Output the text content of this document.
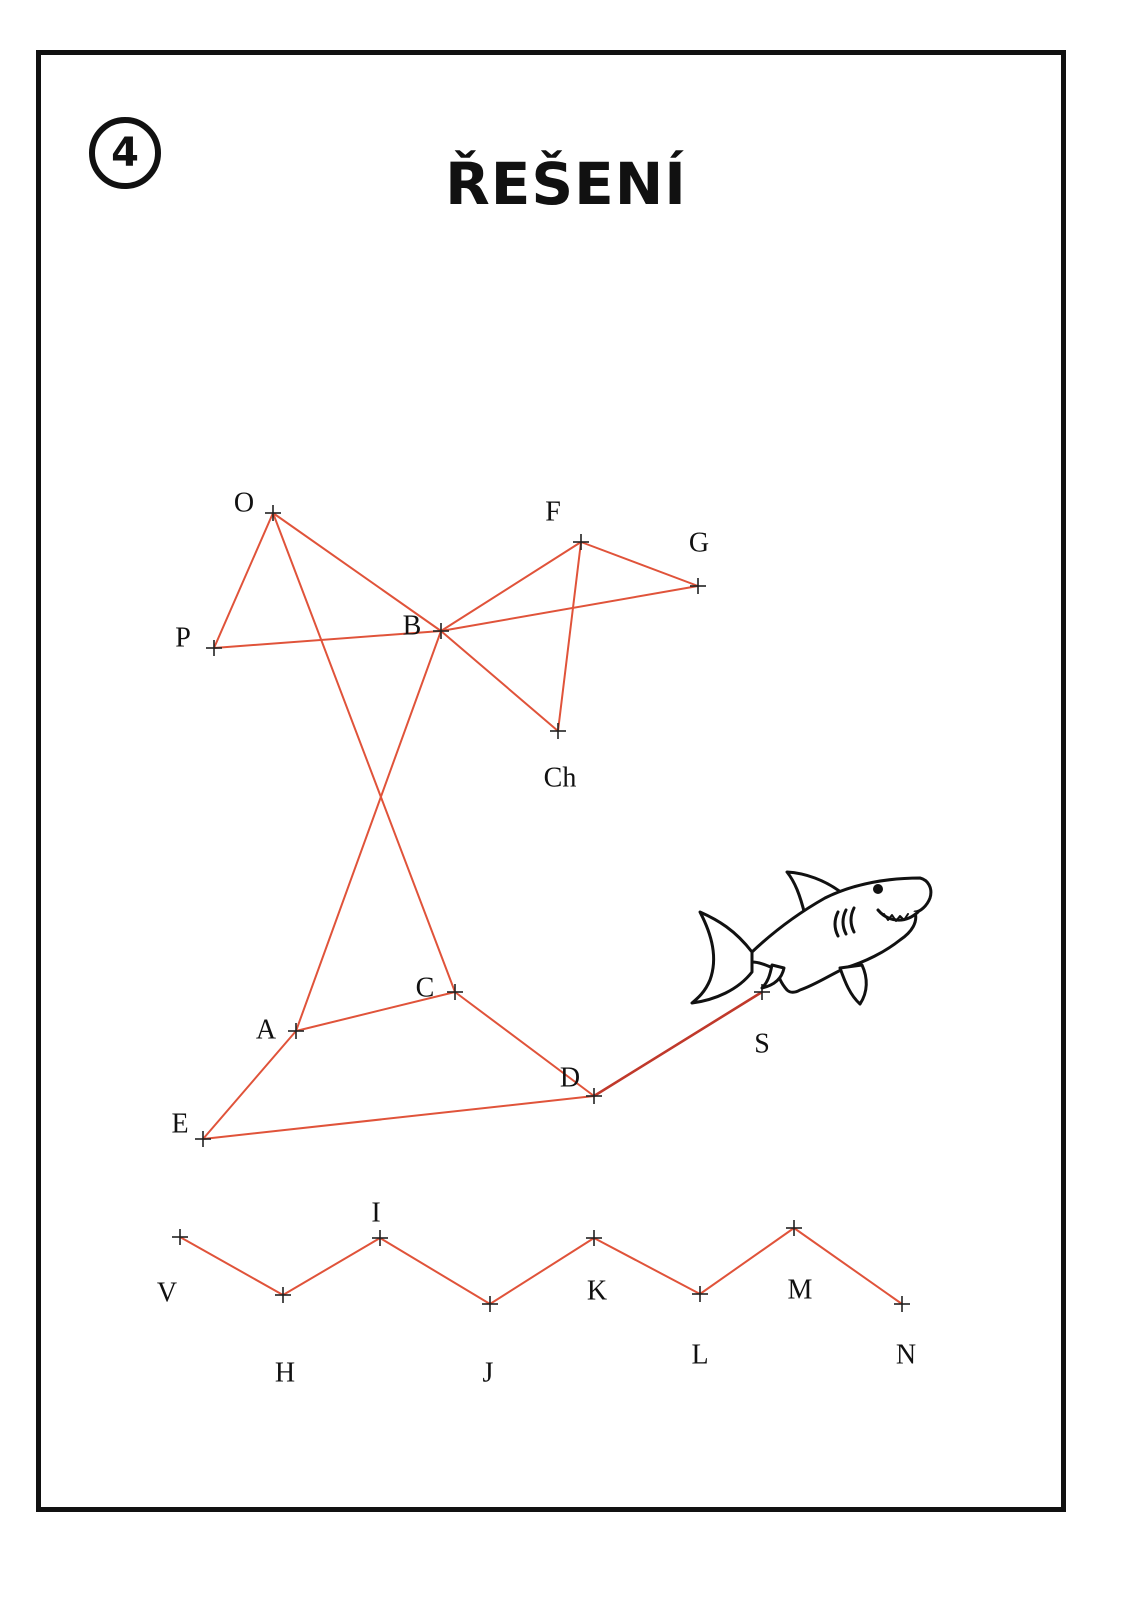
4	ŘEŠENÍ
O
P	B
F
G
Ch
A
C
D
E
S
V
H
I
J
K
L
M
N
